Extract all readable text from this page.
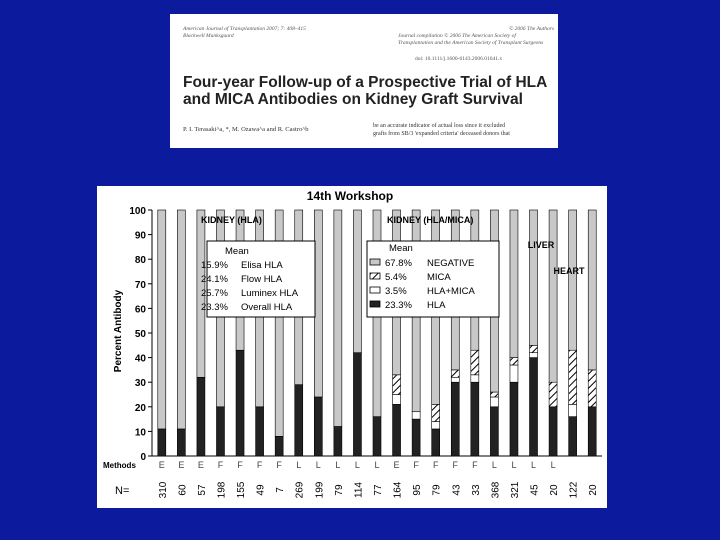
American Journal of Transplantation 2007; 7: 408–415
Blackwell Munksgaard
© 2006 The Authors
Journal compilation © 2006 The American Society of
Transplantation and the American Society of Transplant Surgeons
doi: 10.1111/j.1600-6143.2006.01641.x
Four-year Follow-up of a Prospective Trial of HLA
and MICA Antibodies on Kidney Graft Survival
P. I. Terasaki^a, *, M. Ozawa^a and R. Castro^b	be an accurate indicator of actual loss since it excluded
grafts from SB/3 'expanded criteria' deceased donors that
14th Workshop
Percent Antibody
Methods
N=
0
10
20
30
40
50
60
70
80
90
100
E
310
E
60
E
57
F
198
F
155
F
49
F
7
L
269
L
199
L
79
L
114
L
77
E
164
F
95
F
79
F
43
F
33
L
368
L
321
L
45
L
20 122 20
KIDNEY (HLA)
Mean
15.9% Elisa HLA
24.1% Flow HLA
25.7% Luminex HLA
23.3% Overall HLA
KIDNEY (HLA/MICA)
Mean
67.8% NEGATIVE
5.4% MICA
3.5% HLA+MICA
23.3% HLA
LIVER
HEART
